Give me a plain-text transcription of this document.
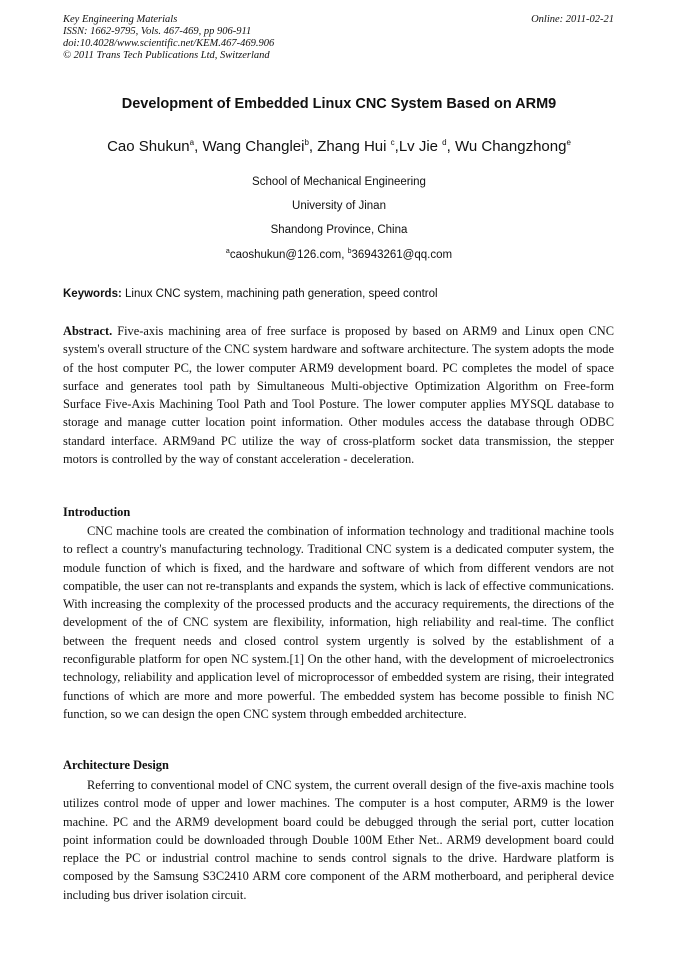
Key Engineering Materials
ISSN: 1662-9795, Vols. 467-469, pp 906-911
doi:10.4028/www.scientific.net/KEM.467-469.906
© 2011 Trans Tech Publications Ltd, Switzerland
Online: 2011-02-21
Development of Embedded Linux CNC System Based on ARM9
Cao Shukun$^a$, Wang Changlei$^b$, Zhang Hui $^c$,Lv Jie $^d$, Wu Changzhong$^e$
School of Mechanical Engineering
University of Jinan
Shandong Province, China
$^a$caoshukun@126.com, $^b$36943261@qq.com
Keywords: Linux CNC system, machining path generation, speed control
Abstract. Five-axis machining area of free surface is proposed by based on ARM9 and Linux open CNC system's overall structure of the CNC system hardware and software architecture. The system adopts the mode of the host computer PC, the lower computer ARM9 development board. PC completes the model of space surface and generates tool path by Simultaneous Multi-objective Optimization Algorithm on Free-form Surface Five-Axis Machining Tool Path and Tool Posture. The lower computer applies MYSQL database to storage and manage cutter location point information. Other modules access the database through ODBC standard interface. ARM9and PC utilize the way of cross-platform socket data transmission, the stepper motors is controlled by the way of constant acceleration - deceleration.
Introduction
CNC machine tools are created the combination of information technology and traditional machine tools to reflect a country's manufacturing technology. Traditional CNC system is a dedicated computer system, the module function of which is fixed, and the hardware and software of which from different vendors are not compatible, the user can not re-transplants and expands the system, which is lack of effective communications. With increasing the complexity of the processed products and the accuracy requirements, the directions of the development of the of CNC system are flexibility, information, high reliability and real-time. The conflict between the frequent needs and closed control system urgently is solved by the establishment of a reconfigurable platform for open NC system.[1] On the other hand, with the development of microelectronics technology, reliability and application level of microprocessor of embedded system are rising, their integrated functions of which are more and more powerful. The embedded system has become possible to finish NC function, so we can design the open CNC system through embedded architecture.
Architecture Design
Referring to conventional model of CNC system, the current overall design of the five-axis machine tools utilizes control mode of upper and lower machines. The computer is a host computer, ARM9 is the lower machine. PC and the ARM9 development board could be debugged through the serial port, cutter location point information could be downloaded through Double 100M Ether Net.. ARM9 development board could replace the PC or industrial control machine to sends control signals to the drive. Hardware platform is composed by the Samsung S3C2410 ARM core component of the ARM motherboard, and peripheral device including bus driver isolation circuit.
